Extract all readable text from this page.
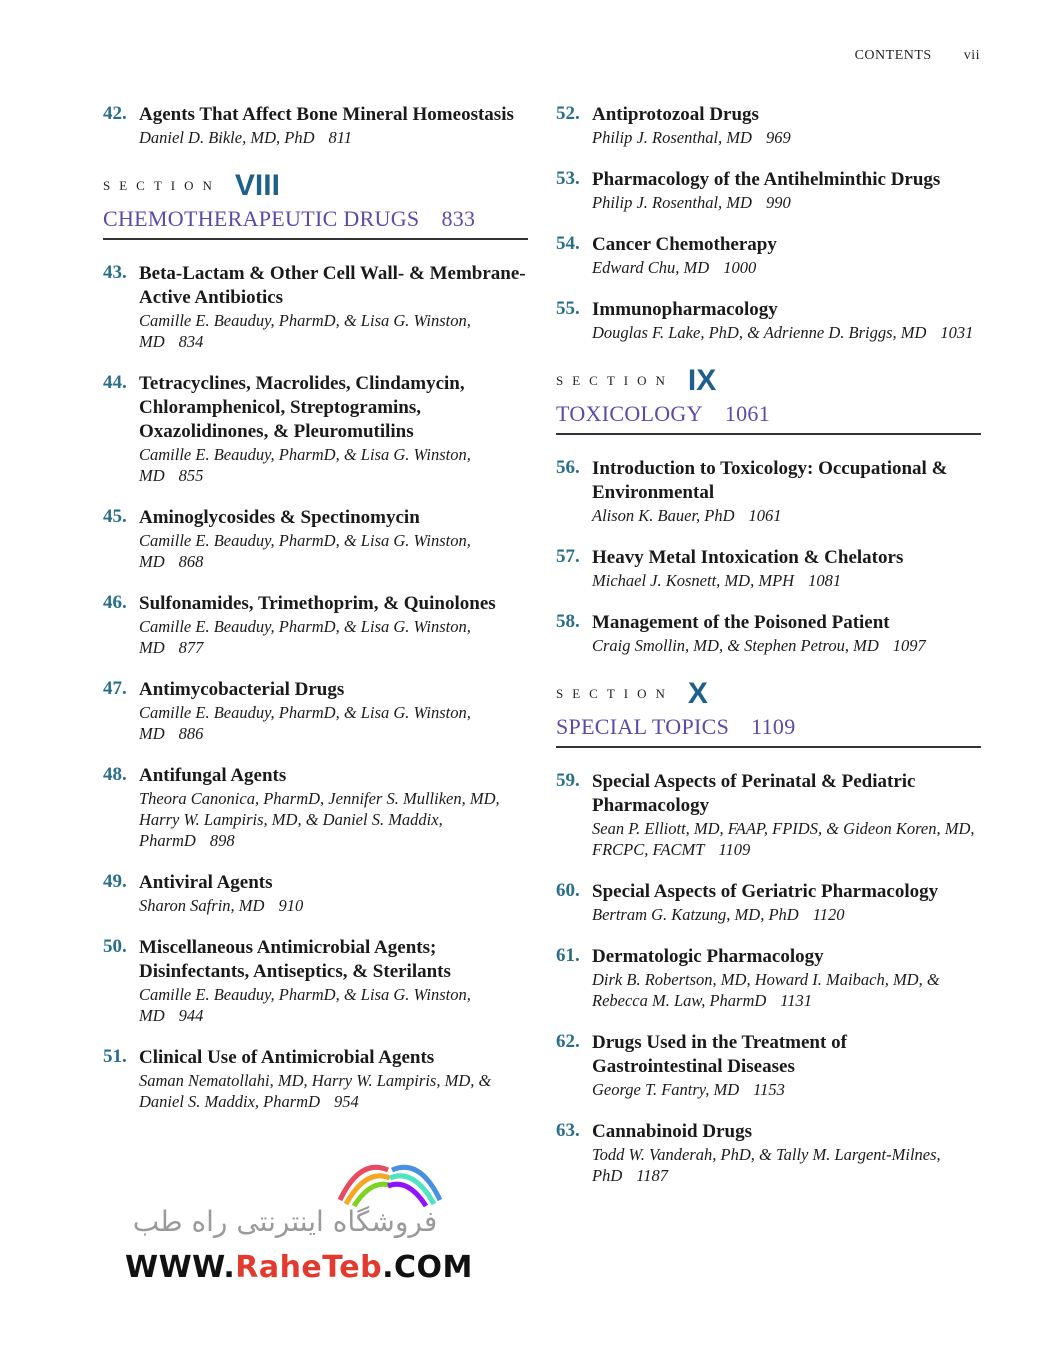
CONTENTS vii
42. Agents That Affect Bone Mineral Homeostasis
Daniel D. Bikle, MD, PhD 811
SECTION VIII
CHEMOTHERAPEUTIC DRUGS 833
43. Beta-Lactam & Other Cell Wall- & Membrane-Active Antibiotics
Camille E. Beauduy, PharmD, & Lisa G. Winston, MD 834
44. Tetracyclines, Macrolides, Clindamycin, Chloramphenicol, Streptogramins, Oxazolidinones, & Pleuromutilins
Camille E. Beauduy, PharmD, & Lisa G. Winston, MD 855
45. Aminoglycosides & Spectinomycin
Camille E. Beauduy, PharmD, & Lisa G. Winston, MD 868
46. Sulfonamides, Trimethoprim, & Quinolones
Camille E. Beauduy, PharmD, & Lisa G. Winston, MD 877
47. Antimycobacterial Drugs
Camille E. Beauduy, PharmD, & Lisa G. Winston, MD 886
48. Antifungal Agents
Theora Canonica, PharmD, Jennifer S. Mulliken, MD, Harry W. Lampiris, MD, & Daniel S. Maddix, PharmD 898
49. Antiviral Agents
Sharon Safrin, MD 910
50. Miscellaneous Antimicrobial Agents; Disinfectants, Antiseptics, & Sterilants
Camille E. Beauduy, PharmD, & Lisa G. Winston, MD 944
51. Clinical Use of Antimicrobial Agents
Saman Nematollahi, MD, Harry W. Lampiris, MD, & Daniel S. Maddix, PharmD 954
52. Antiprotozoal Drugs
Philip J. Rosenthal, MD 969
53. Pharmacology of the Antihelminthic Drugs
Philip J. Rosenthal, MD 990
54. Cancer Chemotherapy
Edward Chu, MD 1000
55. Immunopharmacology
Douglas F. Lake, PhD, & Adrienne D. Briggs, MD 1031
SECTION IX
TOXICOLOGY 1061
56. Introduction to Toxicology: Occupational & Environmental
Alison K. Bauer, PhD 1061
57. Heavy Metal Intoxication & Chelators
Michael J. Kosnett, MD, MPH 1081
58. Management of the Poisoned Patient
Craig Smollin, MD, & Stephen Petrou, MD 1097
SECTION X
SPECIAL TOPICS 1109
59. Special Aspects of Perinatal & Pediatric Pharmacology
Sean P. Elliott, MD, FAAP, FPIDS, & Gideon Koren, MD, FRCPC, FACMT 1109
60. Special Aspects of Geriatric Pharmacology
Bertram G. Katzung, MD, PhD 1120
61. Dermatologic Pharmacology
Dirk B. Robertson, MD, Howard I. Maibach, MD, & Rebecca M. Law, PharmD 1131
62. Drugs Used in the Treatment of Gastrointestinal Diseases
George T. Fantry, MD 1153
63. Cannabinoid Drugs
Todd W. Vanderah, PhD, & Tally M. Largent-Milnes, PhD 1187
فروشگاه اینترنتی راه طب
WWW.RaheTeb.COM
